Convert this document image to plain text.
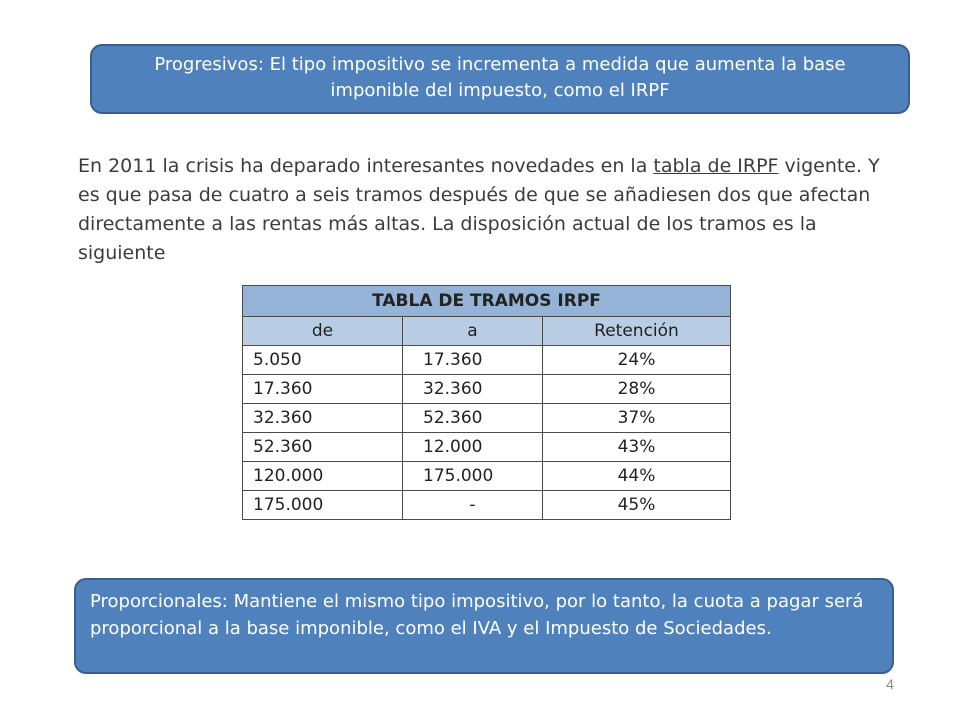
Progresivos: El tipo impositivo se incrementa a medida que aumenta la base imponible del impuesto, como el IRPF
En 2011 la crisis ha deparado interesantes novedades en la tabla de IRPF vigente. Y es que pasa de cuatro a seis tramos después de que se añadiesen dos que afectan directamente a las rentas más altas. La disposición actual de los tramos es la siguiente
TABLA DE TRAMOS IRPF		
de	a	Retención
5.050	17.360	24%
17.360	32.360	28%
32.360	52.360	37%
52.360	12.000	43%
120.000	175.000	44%
175.000	-	45%
Proporcionales: Mantiene el mismo tipo impositivo, por lo tanto, la cuota a pagar será proporcional a la base imponible, como el IVA y el Impuesto de Sociedades.
4
